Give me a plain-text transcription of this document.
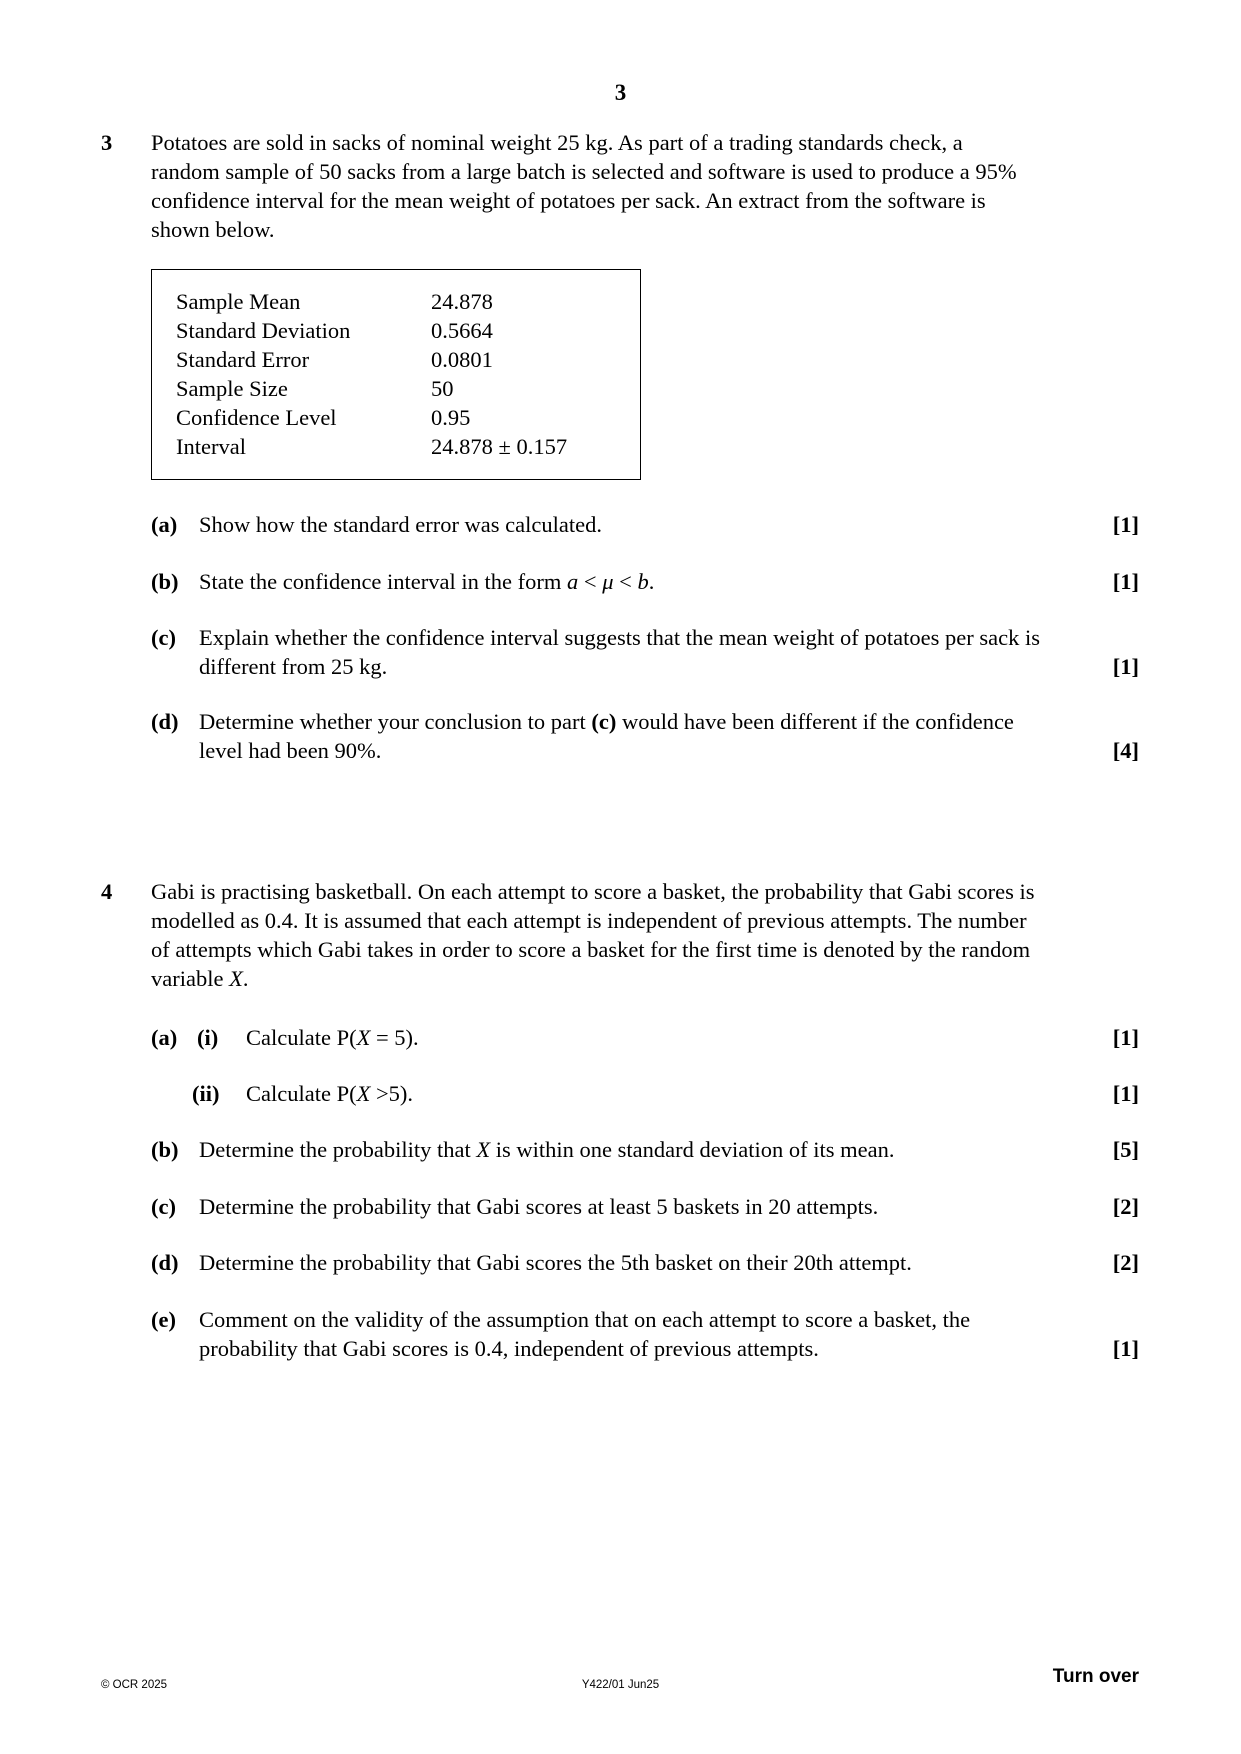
3
3 Potatoes are sold in sacks of nominal weight 25 kg. As part of a trading standards check, a
random sample of 50 sacks from a large batch is selected and software is used to produce a 95%
confidence interval for the mean weight of potatoes per sack. An extract from the software is
shown below.
Sample Mean	24.878
Standard Deviation	0.5664
Standard Error	0.0801
Sample Size	50
Confidence Level	0.95
Interval	24.878 ± 0.157
(a) Show how the standard error was calculated.	[1]
(b) State the confidence interval in the form a < μ < b.	[1]
(c) Explain whether the confidence interval suggests that the mean weight of potatoes per sack is
different from 25 kg.	[1]
(d) Determine whether your conclusion to part (c) would have been different if the confidence
level had been 90%.	[4]
4 Gabi is practising basketball. On each attempt to score a basket, the probability that Gabi scores is
modelled as 0.4. It is assumed that each attempt is independent of previous attempts. The number
of attempts which Gabi takes in order to score a basket for the first time is denoted by the random
variable X.
(a) (i) Calculate P(X = 5).	[1]
(ii) Calculate P(X >5).	[1]
(b) Determine the probability that X is within one standard deviation of its mean.	[5]
(c) Determine the probability that Gabi scores at least 5 baskets in 20 attempts.	[2]
(d) Determine the probability that Gabi scores the 5th basket on their 20th attempt.	[2]
(e) Comment on the validity of the assumption that on each attempt to score a basket, the
probability that Gabi scores is 0.4, independent of previous attempts.	[1]
© OCR 2025	Y422/01 Jun25	Turn over
